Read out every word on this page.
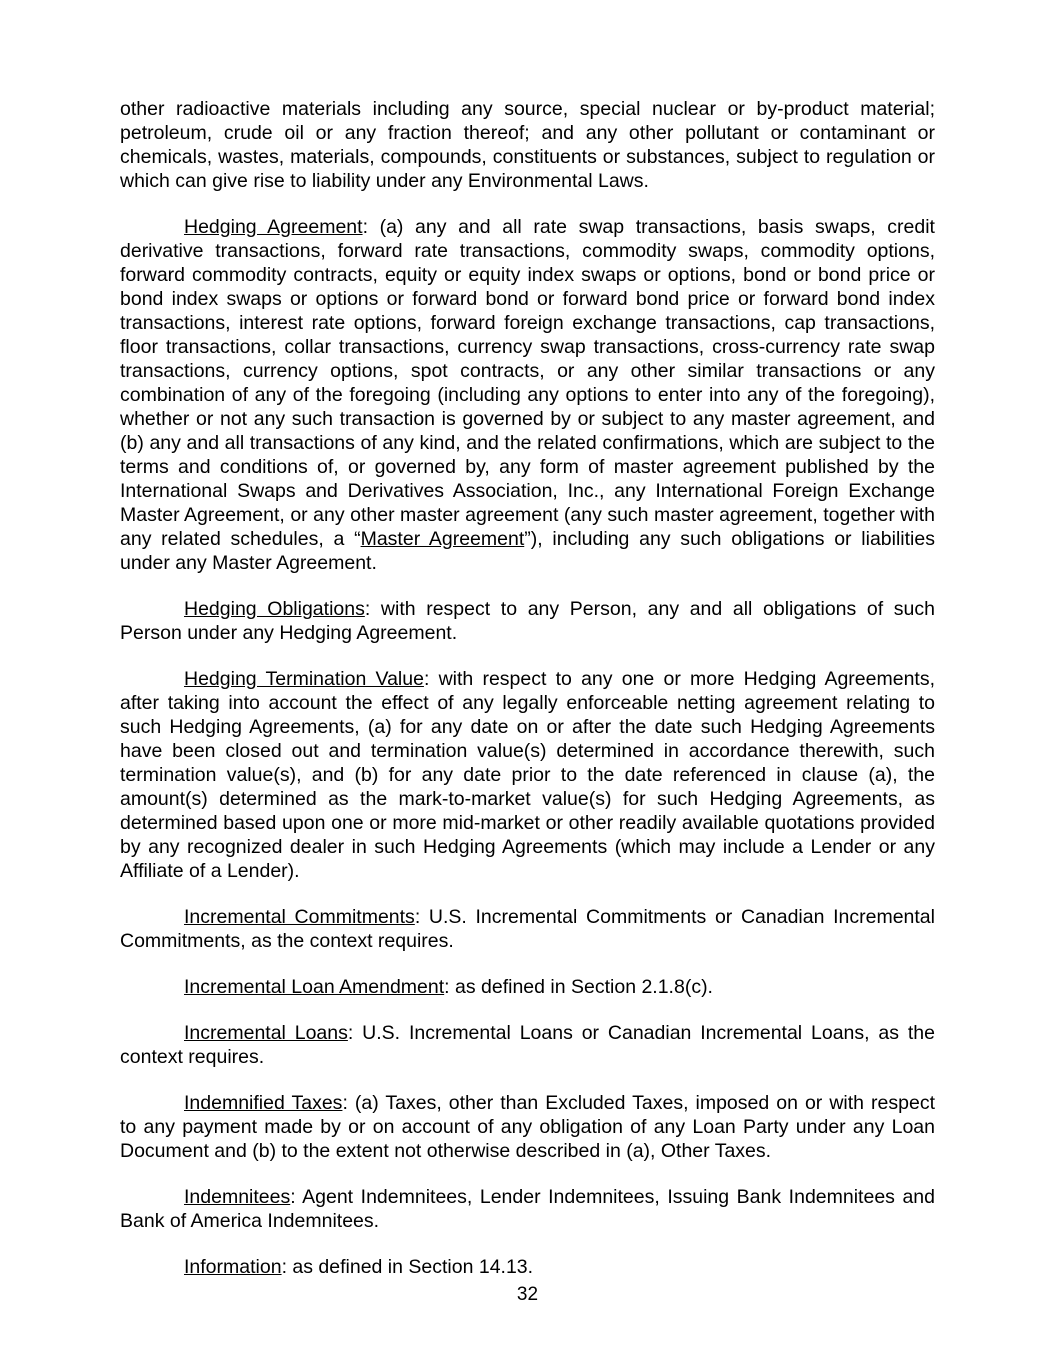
other radioactive materials including any source, special nuclear or by-product material; petroleum, crude oil or any fraction thereof; and any other pollutant or contaminant or chemicals, wastes, materials, compounds, constituents or substances, subject to regulation or which can give rise to liability under any Environmental Laws.

Hedging Agreement: (a) any and all rate swap transactions, basis swaps, credit derivative transactions, forward rate transactions, commodity swaps, commodity options, forward commodity contracts, equity or equity index swaps or options, bond or bond price or bond index swaps or options or forward bond or forward bond price or forward bond index transactions, interest rate options, forward foreign exchange transactions, cap transactions, floor transactions, collar transactions, currency swap transactions, cross-currency rate swap transactions, currency options, spot contracts, or any other similar transactions or any combination of any of the foregoing (including any options to enter into any of the foregoing), whether or not any such transaction is governed by or subject to any master agreement, and (b) any and all transactions of any kind, and the related confirmations, which are subject to the terms and conditions of, or governed by, any form of master agreement published by the International Swaps and Derivatives Association, Inc., any International Foreign Exchange Master Agreement, or any other master agreement (any such master agreement, together with any related schedules, a “Master Agreement”), including any such obligations or liabilities under any Master Agreement.

Hedging Obligations: with respect to any Person, any and all obligations of such Person under any Hedging Agreement.

Hedging Termination Value: with respect to any one or more Hedging Agreements, after taking into account the effect of any legally enforceable netting agreement relating to such Hedging Agreements, (a) for any date on or after the date such Hedging Agreements have been closed out and termination value(s) determined in accordance therewith, such termination value(s), and (b) for any date prior to the date referenced in clause (a), the amount(s) determined as the mark-to-market value(s) for such Hedging Agreements, as determined based upon one or more mid-market or other readily available quotations provided by any recognized dealer in such Hedging Agreements (which may include a Lender or any Affiliate of a Lender).

Incremental Commitments: U.S. Incremental Commitments or Canadian Incremental Commitments, as the context requires.

Incremental Loan Amendment: as defined in Section 2.1.8(c).

Incremental Loans: U.S. Incremental Loans or Canadian Incremental Loans, as the context requires.

Indemnified Taxes: (a) Taxes, other than Excluded Taxes, imposed on or with respect to any payment made by or on account of any obligation of any Loan Party under any Loan Document and (b) to the extent not otherwise described in (a), Other Taxes.

Indemnitees: Agent Indemnitees, Lender Indemnitees, Issuing Bank Indemnitees and Bank of America Indemnitees.

Information: as defined in Section 14.13.

32
